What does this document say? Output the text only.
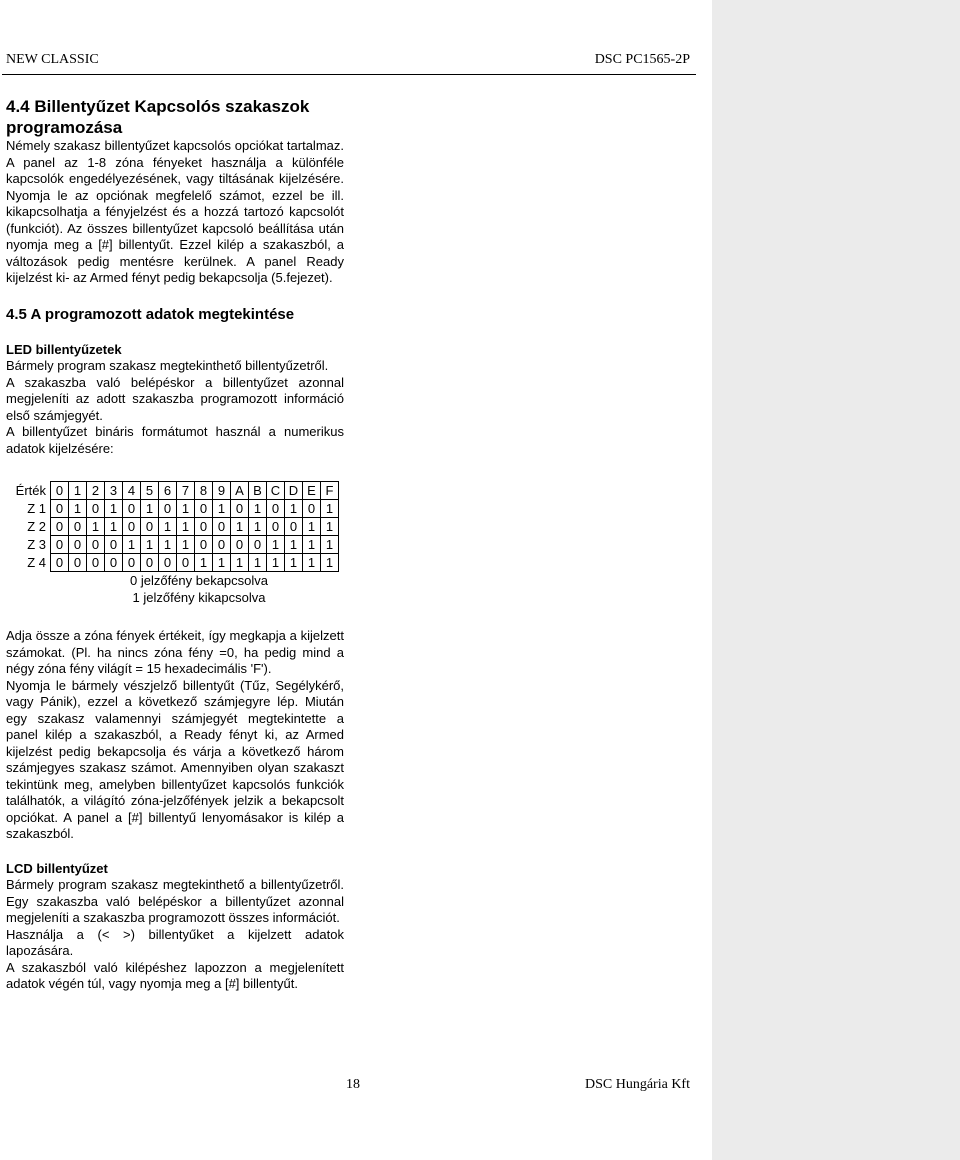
NEW CLASSIC	DSC PC1565-2P
4.4 Billentyűzet Kapcsolós szakaszok programozása

Némely szakasz billentyűzet kapcsolós opciókat tartalmaz. A panel az 1-8 zóna fényeket használja a különféle kapcsolók engedélyezésének, vagy tiltásának kijelzésére. Nyomja le az opciónak megfelelő számot, ezzel be ill. kikapcsolhatja a fényjelzést és a hozzá tartozó kapcsolót (funkciót). Az összes billentyűzet kapcsoló beállítása után nyomja meg a [#] billentyűt. Ezzel kilép a szakaszból, a változások pedig mentésre kerülnek. A panel Ready kijelzést ki- az Armed fényt pedig bekapcsolja (5.fejezet).

4.5 A programozott adatok megtekintése
LED billentyűzetek

Bármely program szakasz megtekinthető billentyűzetről.

A szakaszba való belépéskor a billentyűzet azonnal megjeleníti az adott szakaszba programozott információ első számjegyét.

A billentyűzet bináris formátumot használ a numerikus adatok kijelzésére:

Érték	0	1	2	3	4	5	6	7	8	9	A	B	C	D	E	F
Z 1	0	1	0	1	0	1	0	1	0	1	0	1	0	1	0	1
Z 2	0	0	1	1	0	0	1	1	0	0	1	1	0	0	1	1
Z 3	0	0	0	0	1	1	1	1	0	0	0	0	1	1	1	1
Z 4	0	0	0	0	0	0	0	0	1	1	1	1	1	1	1	1
0 jelzőfény bekapcsolva
1 jelzőfény kikapcsolva

Adja össze a zóna fények értékeit, így megkapja a kijelzett számokat. (Pl. ha nincs zóna fény =0, ha pedig mind a négy zóna fény világít = 15 hexadecimális 'F').

Nyomja le bármely vészjelző billentyűt (Tűz, Segélykérő, vagy Pánik), ezzel a következő számjegyre lép. Miután egy szakasz valamennyi számjegyét megtekintette a panel kilép a szakaszból, a Ready fényt ki, az Armed kijelzést pedig bekapcsolja és várja a következő három számjegyes szakasz számot. Amennyiben olyan szakaszt tekintünk meg, amelyben billentyűzet kapcsolós funkciók találhatók, a világító zóna-jelzőfények jelzik a bekapcsolt opciókat. A panel a [#] billentyű lenyomásakor is kilép a szakaszból.

LCD billentyűzet

Bármely program szakasz megtekinthető a billentyűzetről. Egy szakaszba való belépéskor a billentyűzet azonnal megjeleníti a szakaszba programozott összes információt.

Használja a (< >) billentyűket a kijelzett adatok lapozására.

A szakaszból való kilépéshez lapozzon a megjelenített adatok végén túl, vagy nyomja meg a [#] billentyűt.

18	DSC Hungária Kft
